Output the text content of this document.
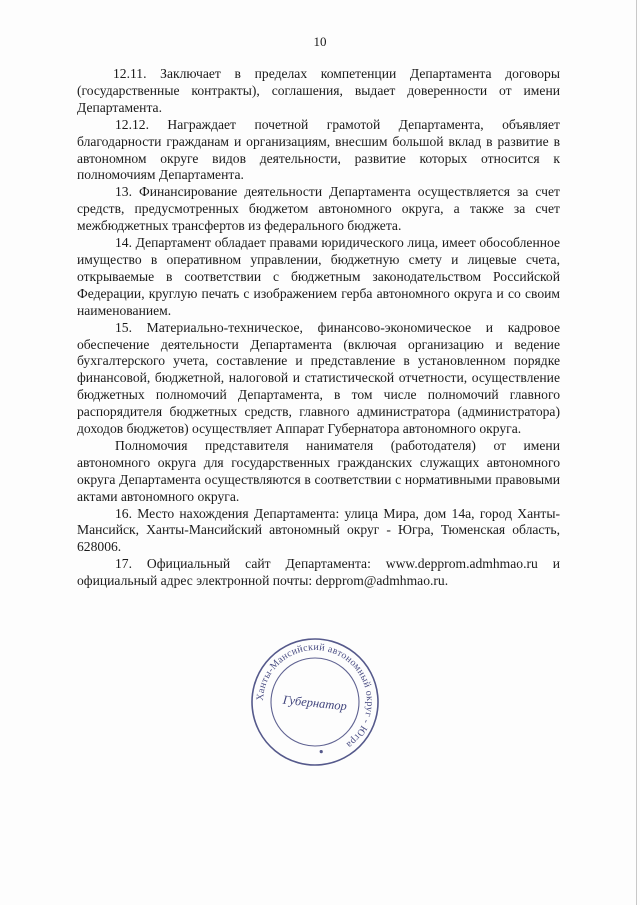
10

12.11. Заключает в пределах компетенции Департамента договоры (государственные контракты), соглашения, выдает доверенности от имени Департамента.

12.12. Награждает почетной грамотой Департамента, объявляет благодарности гражданам и организациям, внесшим большой вклад в развитие в автономном округе видов деятельности, развитие которых относится к полномочиям Департамента.

13. Финансирование деятельности Департамента осуществляется за счет средств, предусмотренных бюджетом автономного округа, а также за счет межбюджетных трансфертов из федерального бюджета.

14. Департамент обладает правами юридического лица, имеет обособленное имущество в оперативном управлении, бюджетную смету и лицевые счета, открываемые в соответствии с бюджетным законодательством Российской Федерации, круглую печать с изображением герба автономного округа и со своим наименованием.

15. Материально-техническое, финансово-экономическое и кадровое обеспечение деятельности Департамента (включая организацию и ведение бухгалтерского учета, составление и представление в установленном порядке финансовой, бюджетной, налоговой и статистической отчетности, осуществление бюджетных полномочий Департамента, в том числе полномочий главного распорядителя бюджетных средств, главного администратора (администратора) доходов бюджетов) осуществляет Аппарат Губернатора автономного округа.

Полномочия представителя нанимателя (работодателя) от имени автономного округа для государственных гражданских служащих автономного округа Департамента осуществляются в соответствии с нормативными правовыми актами автономного округа.

16. Место нахождения Департамента: улица Мира, дом 14а, город Ханты-Мансийск, Ханты-Мансийский автономный округ - Югра, Тюменская область, 628006.

17. Официальный сайт Департамента: www.depprom.admhmao.ru и официальный адрес электронной почты: depprom@admhmao.ru.

Ханты-Мансийский автономный округ - Югра
Губернатор
